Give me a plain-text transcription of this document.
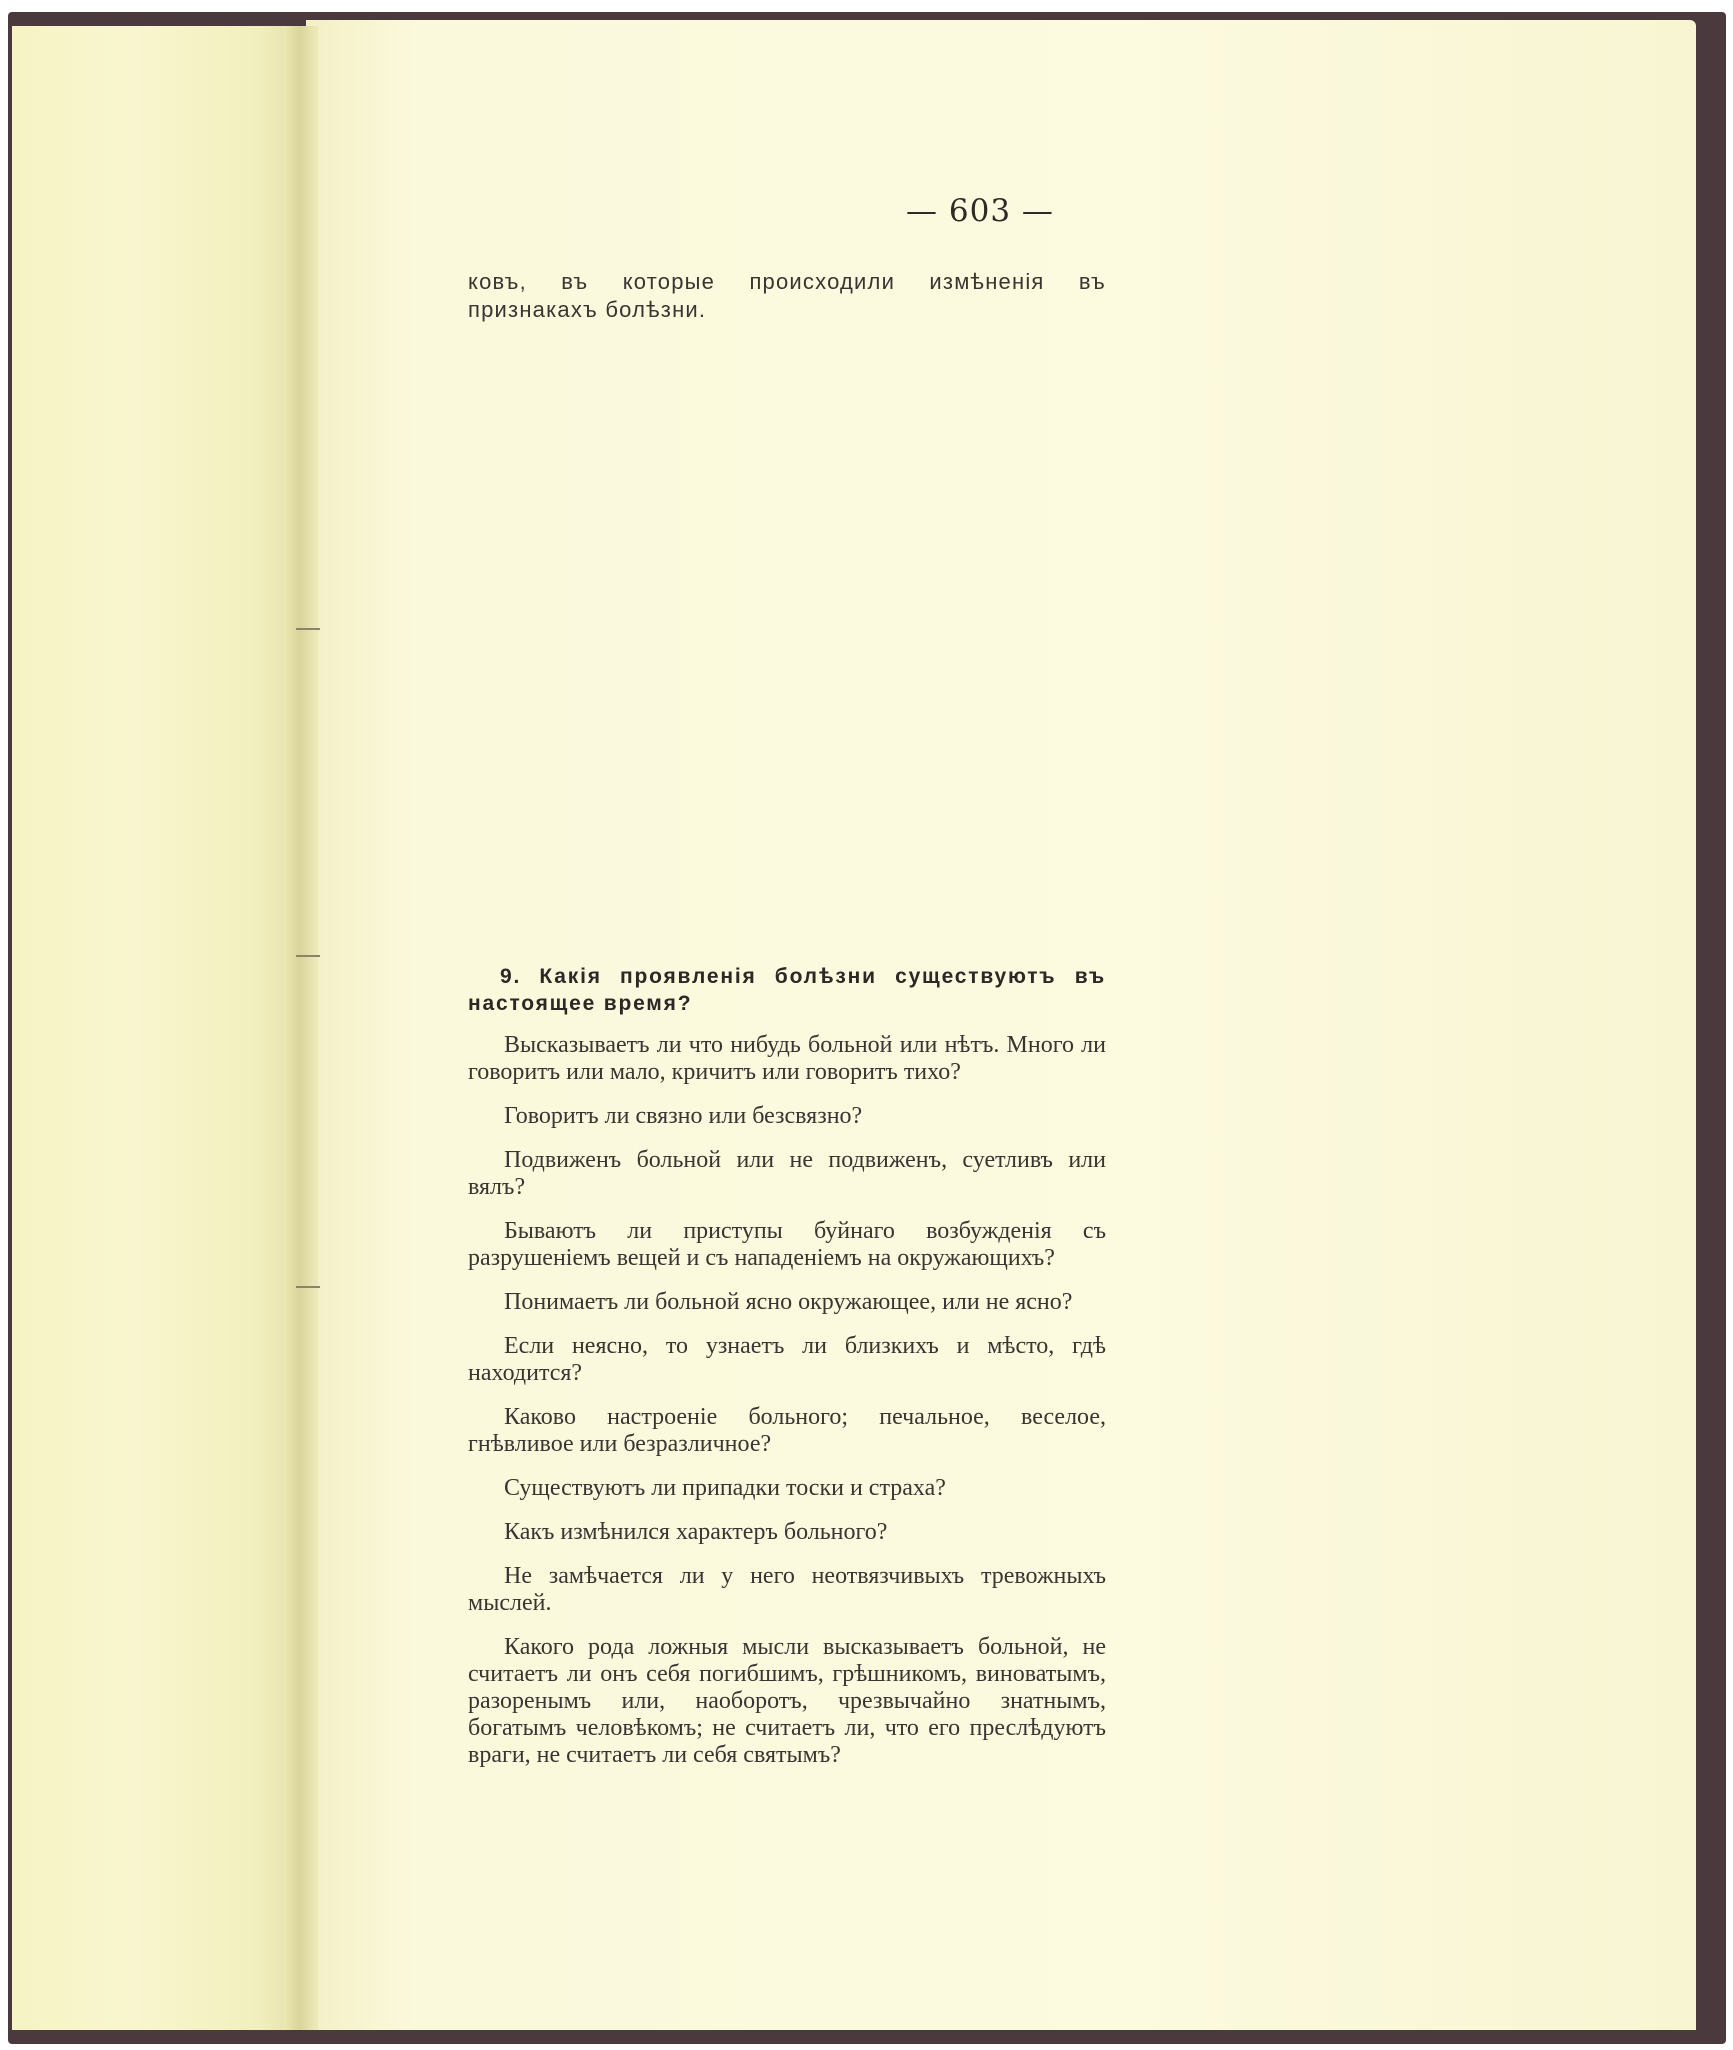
— 603 —
ковъ, въ которые происходили измѣненія въ признакахъ болѣзни.
9. Какія проявленія болѣзни существуютъ въ настоящее время?

Высказываетъ ли что нибудь больной или нѣтъ. Много ли говоритъ или мало, кричитъ или говоритъ тихо?

Говоритъ ли связно или безсвязно?

Подвиженъ больной или не подвиженъ, суетливъ или вялъ?

Бываютъ ли приступы буйнаго возбужденія съ разрушеніемъ вещей и съ нападеніемъ на окружающихъ?

Понимаетъ ли больной ясно окружающее, или не ясно?

Если неясно, то узнаетъ ли близкихъ и мѣсто, гдѣ находится?

Каково настроеніе больного; печальное, веселое, гнѣвливое или безразличное?

Существуютъ ли припадки тоски и страха?

Какъ измѣнился характеръ больного?

Не замѣчается ли у него неотвязчивыхъ тревожныхъ мыслей.

Какого рода ложныя мысли высказываетъ больной, не считаетъ ли онъ себя погибшимъ, грѣшникомъ, виноватымъ, разоренымъ или, наоборотъ, чрезвычайно знатнымъ, богатымъ человѣкомъ; не считаетъ ли, что его преслѣдуютъ враги, не считаетъ ли себя святымъ?
